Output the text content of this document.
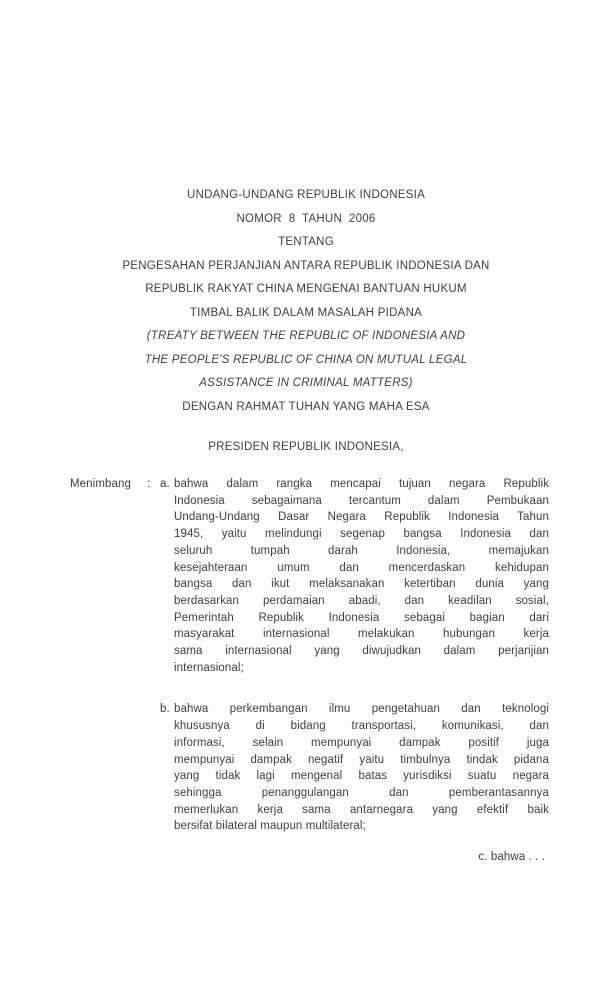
UNDANG-UNDANG REPUBLIK INDONESIA
NOMOR  8  TAHUN  2006
TENTANG
PENGESAHAN PERJANJIAN ANTARA REPUBLIK INDONESIA DAN
REPUBLIK RAKYAT CHINA MENGENAI BANTUAN HUKUM
TIMBAL BALIK DALAM MASALAH PIDANA
(TREATY BETWEEN THE REPUBLIC OF INDONESIA AND
THE PEOPLE'S REPUBLIC OF CHINA ON MUTUAL LEGAL
ASSISTANCE IN CRIMINAL MATTERS)
DENGAN RAHMAT TUHAN YANG MAHA ESA
PRESIDEN REPUBLIK INDONESIA,
Menimbang : a. bahwa dalam rangka mencapai tujuan negara Republik
Indonesia sebagaimana tercantum dalam Pembukaan
Undang-Undang Dasar Negara Republik Indonesia Tahun
1945, yaitu melindungi segenap bangsa Indonesia dan
seluruh tumpah darah Indonesia, memajukan
kesejahteraan umum dan mencerdaskan kehidupan
bangsa dan ikut melaksanakan ketertiban dunia yang
berdasarkan perdamaian abadi, dan keadilan sosial,
Pemerintah Republik Indonesia sebagai bagian dari
masyarakat internasional melakukan hubungan kerja
sama internasional yang diwujudkan dalam perjanjian
internasional;
b. bahwa perkembangan ilmu pengetahuan dan teknologi
khususnya di bidang transportasi, komunikasi, dan
informasi, selain mempunyai dampak positif juga
mempunyai dampak negatif yaitu timbulnya tindak pidana
yang tidak lagi mengenal batas yurisdiksi suatu negara
sehingga penanggulangan dan pemberantasannya
memerlukan kerja sama antarnegara yang efektif baik
bersifat bilateral maupun multilateral;
c. bahwa . . .
